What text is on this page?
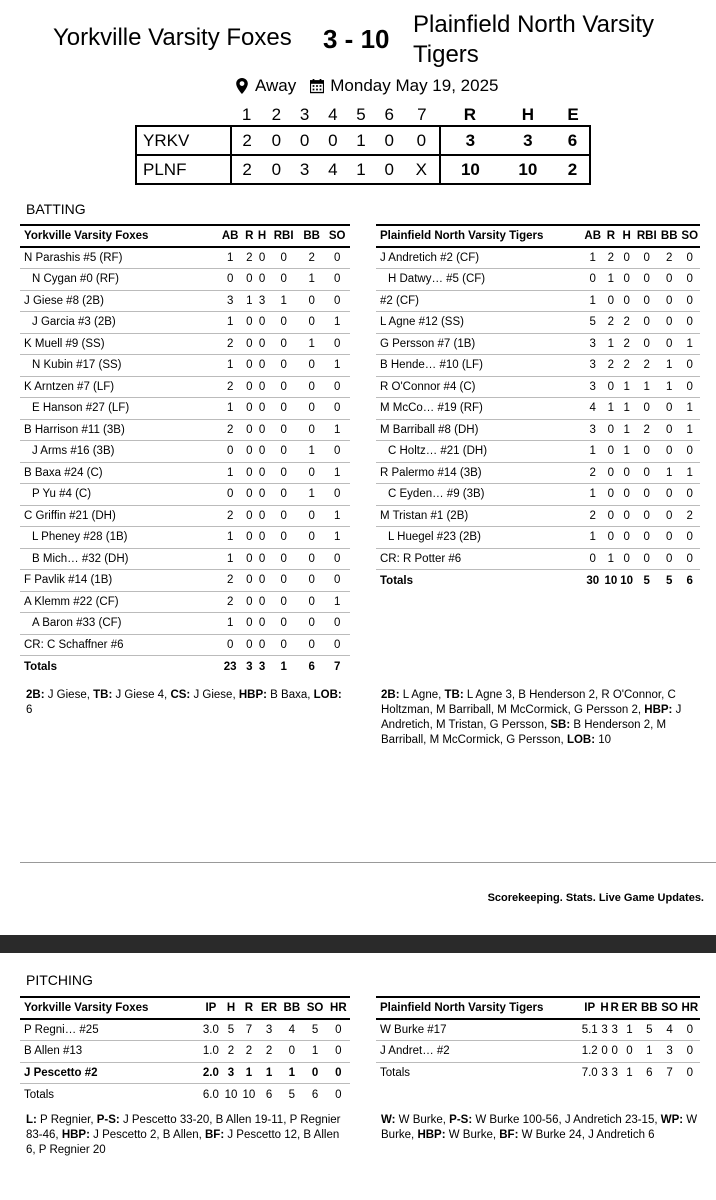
Yorkville Varsity Foxes 3 - 10 Plainfield North Varsity Tigers
Away Monday May 19, 2025
	1	2	3	4	5	6	7	R	H	E
YRKV	2	0	0	0	1	0	0	3	3	6
PLNF	2	0	3	4	1	0	X	10	10	2
BATTING
Yorkville Varsity Foxes	AB	R	H	RBI	BB	SO
N Parashis #5 (RF)	1	2	0	0	2	0
N Cygan #0 (RF)	0	0	0	0	1	0
J Giese #8 (2B)	3	1	3	1	0	0
J Garcia #3 (2B)	1	0	0	0	0	1
K Muell #9 (SS)	2	0	0	0	1	0
N Kubin #17 (SS)	1	0	0	0	0	1
K Arntzen #7 (LF)	2	0	0	0	0	0
E Hanson #27 (LF)	1	0	0	0	0	0
B Harrison #11 (3B)	2	0	0	0	0	1
J Arms #16 (3B)	0	0	0	0	1	0
B Baxa #24 (C)	1	0	0	0	0	1
P Yu #4 (C)	0	0	0	0	1	0
C Griffin #21 (DH)	2	0	0	0	0	1
L Pheney #28 (1B)	1	0	0	0	0	1
B Mich… #32 (DH)	1	0	0	0	0	0
F Pavlik #14 (1B)	2	0	0	0	0	0
A Klemm #22 (CF)	2	0	0	0	0	1
A Baron #33 (CF)	1	0	0	0	0	0
CR: C Schaffner #6	0	0	0	0	0	0
Totals	23	3	3	1	6	7
Plainfield North Varsity Tigers	AB	R	H	RBI	BB	SO
J Andretich #2 (CF)	1	2	0	0	2	0
H Datwy… #5 (CF)	0	1	0	0	0	0
#2 (CF)	1	0	0	0	0	0
L Agne #12 (SS)	5	2	2	0	0	0
G Persson #7 (1B)	3	1	2	0	0	1
B Hende… #10 (LF)	3	2	2	2	1	0
R O'Connor #4 (C)	3	0	1	1	1	0
M McCo… #19 (RF)	4	1	1	0	0	1
M Barriball #8 (DH)	3	0	1	2	0	1
C Holtz… #21 (DH)	1	0	1	0	0	0
R Palermo #14 (3B)	2	0	0	0	1	1
C Eyden… #9 (3B)	1	0	0	0	0	0
M Tristan #1 (2B)	2	0	0	0	0	2
L Huegel #23 (2B)	1	0	0	0	0	0
CR: R Potter #6	0	1	0	0	0	0
Totals	30	10	10	5	5	6
2B: J Giese, TB: J Giese 4, CS: J Giese, HBP: B Baxa, LOB: 6
2B: L Agne, TB: L Agne 3, B Henderson 2, R O'Connor, C Holtzman, M Barriball, M McCormick, G Persson 2, HBP: J Andretich, M Tristan, G Persson, SB: B Henderson 2, M Barriball, M McCormick, G Persson, LOB: 10
Scorekeeping. Stats. Live Game Updates.
PITCHING
Yorkville Varsity Foxes	IP	H	R	ER	BB	SO	HR
P Regni… #25	3.0	5	7	3	4	5	0
B Allen #13	1.0	2	2	2	0	1	0
J Pescetto #2	2.0	3	1	1	1	0	0
Totals	6.0	10	10	6	5	6	0
Plainfield North Varsity Tigers	IP	H	R	ER	BB	SO	HR
W Burke #17	5.1	3	3	1	5	4	0
J Andret… #2	1.2	0	0	0	1	3	0
Totals	7.0	3	3	1	6	7	0
L: P Regnier, P-S: J Pescetto 33-20, B Allen 19-11, P Regnier 83-46, HBP: J Pescetto 2, B Allen, BF: J Pescetto 12, B Allen 6, P Regnier 20
W: W Burke, P-S: W Burke 100-56, J Andretich 23-15, WP: W Burke, HBP: W Burke, BF: W Burke 24, J Andretich 6
